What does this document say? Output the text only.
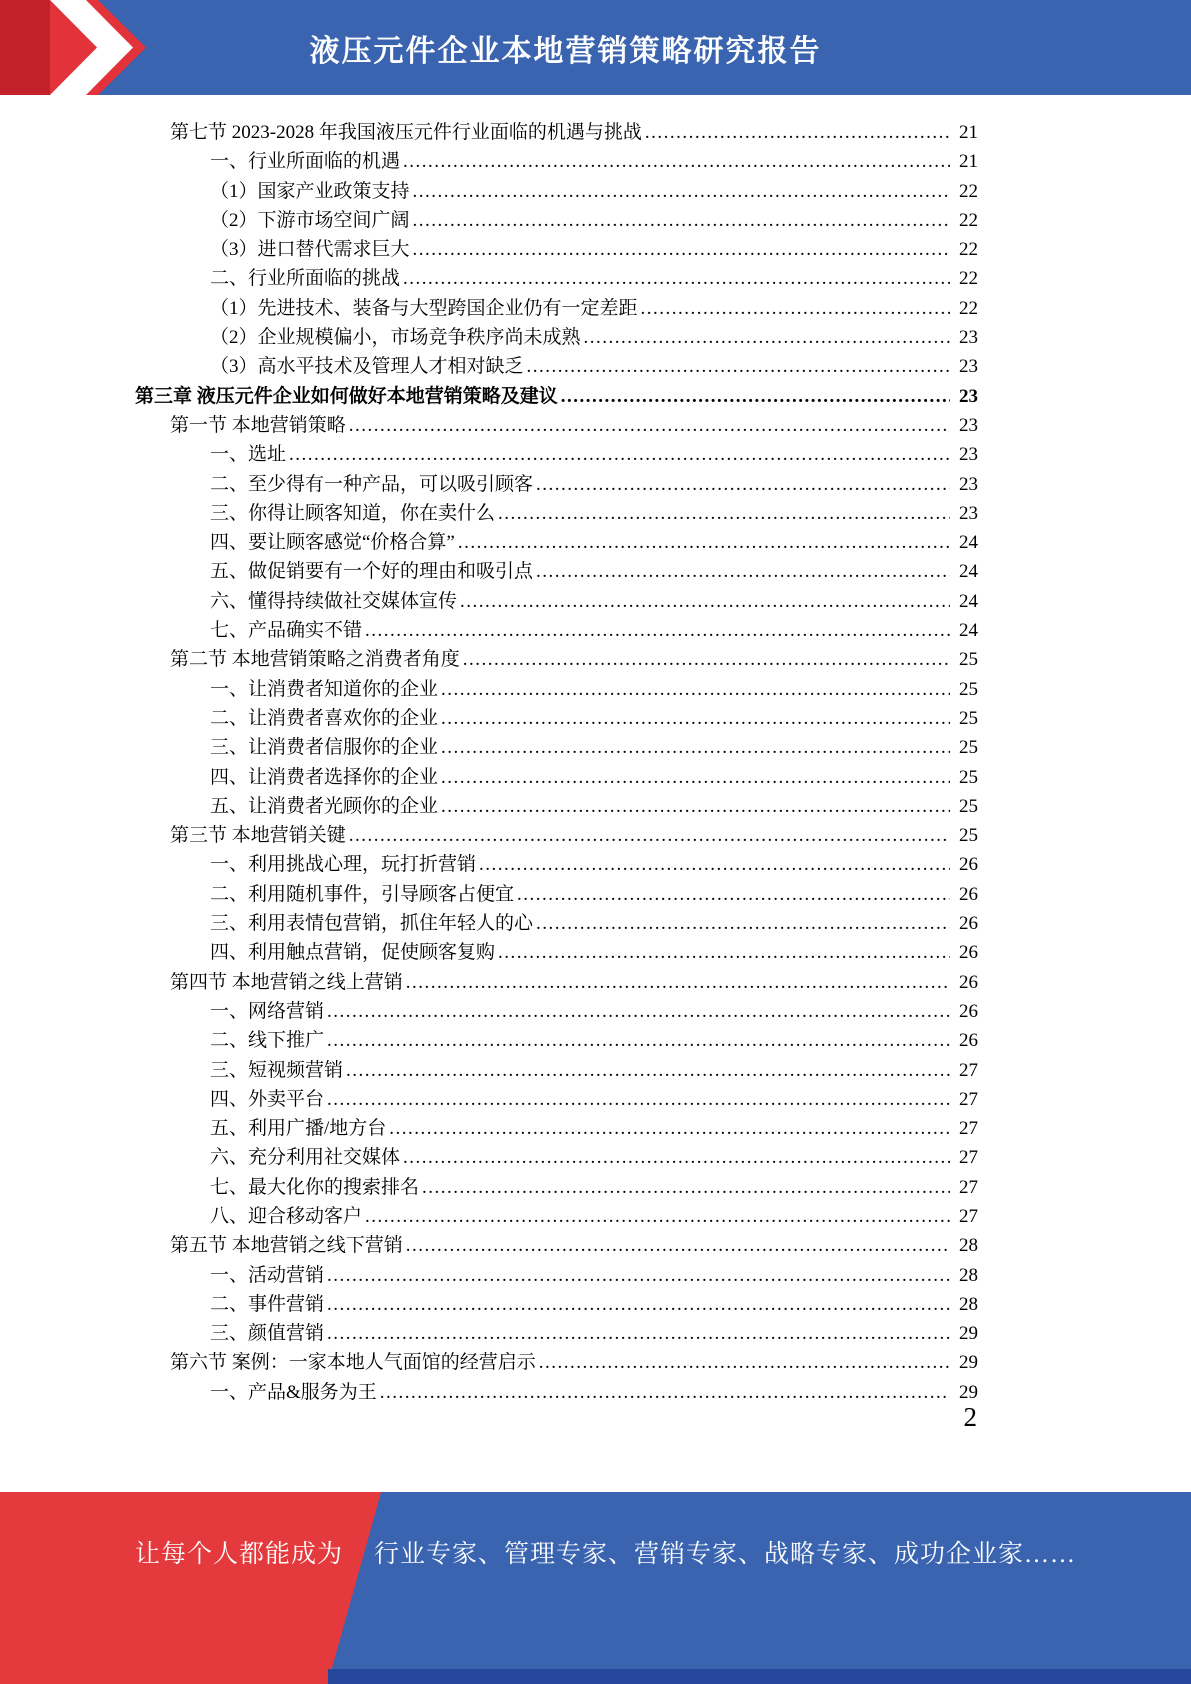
液压元件企业本地营销策略研究报告
第七节 2023-2028 年我国液压元件行业面临的机遇与挑战 .....	21
一、行业所面临的机遇 .....	21
（1）国家产业政策支持 .....	22
（2）下游市场空间广阔 .....	22
（3）进口替代需求巨大 .....	22
二、行业所面临的挑战 .....	22
（1）先进技术、装备与大型跨国企业仍有一定差距 .....	22
（2）企业规模偏小，市场竞争秩序尚未成熟 .....	23
（3）高水平技术及管理人才相对缺乏 .....	23
第三章 液压元件企业如何做好本地营销策略及建议 .....	23
第一节 本地营销策略 .....	23
一、选址 .....	23
二、至少得有一种产品，可以吸引顾客 .....	23
三、你得让顾客知道，你在卖什么 .....	23
四、要让顾客感觉“价格合算” .....	24
五、做促销要有一个好的理由和吸引点 .....	24
六、懂得持续做社交媒体宣传 .....	24
七、产品确实不错 .....	24
第二节 本地营销策略之消费者角度 .....	25
一、让消费者知道你的企业 .....	25
二、让消费者喜欢你的企业 .....	25
三、让消费者信服你的企业 .....	25
四、让消费者选择你的企业 .....	25
五、让消费者光顾你的企业 .....	25
第三节 本地营销关键 .....	25
一、利用挑战心理，玩打折营销 .....	26
二、利用随机事件，引导顾客占便宜 .....	26
三、利用表情包营销，抓住年轻人的心 .....	26
四、利用触点营销，促使顾客复购 .....	26
第四节 本地营销之线上营销 .....	26
一、网络营销 .....	26
二、线下推广 .....	26
三、短视频营销 .....	27
四、外卖平台 .....	27
五、利用广播/地方台 .....	27
六、充分利用社交媒体 .....	27
七、最大化你的搜索排名 .....	27
八、迎合移动客户 .....	27
第五节 本地营销之线下营销 .....	28
一、活动营销 .....	28
二、事件营销 .....	28
三、颜值营销 .....	29
第六节 案例：一家本地人气面馆的经营启示 .....	29
一、产品&服务为王 .....	29
2
让每个人都能成为 行业专家、管理专家、营销专家、战略专家、成功企业家……
